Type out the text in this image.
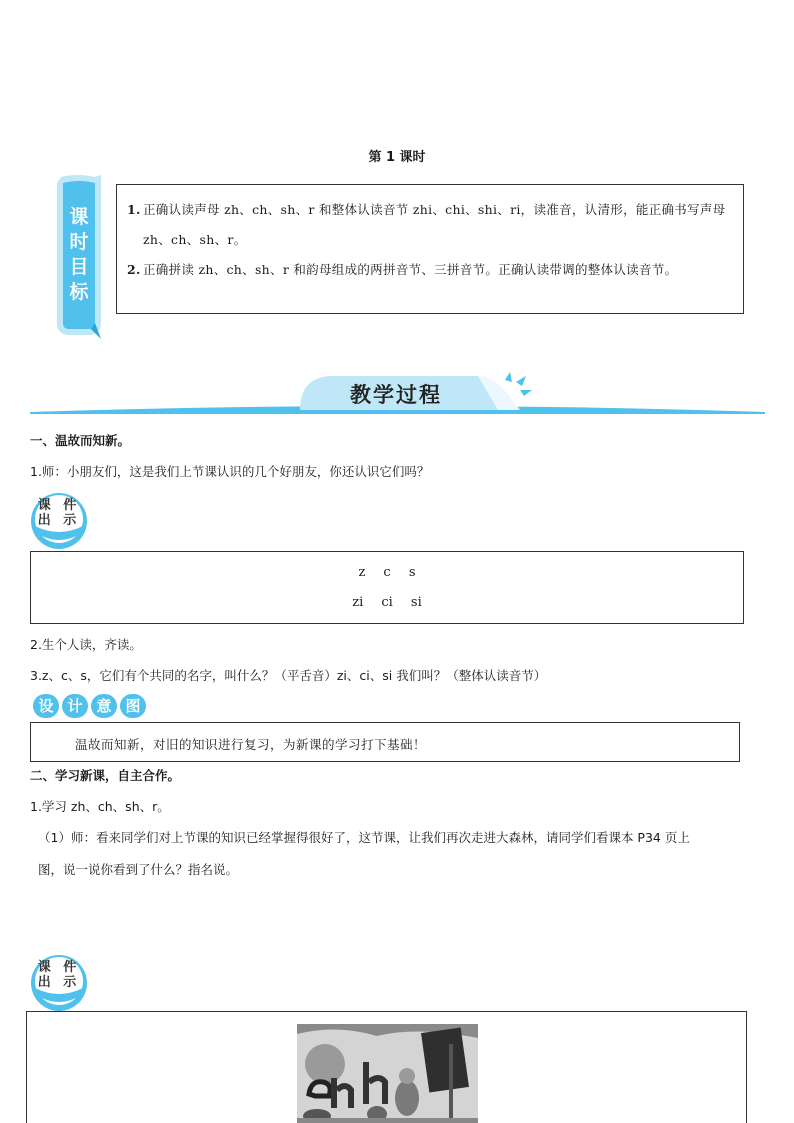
第 1 课时
课
时
目
标
1. 正确认读声母 zh、ch、sh、r 和整体认读音节 zhi、chi、shi、ri，读准音，认清形，能正确书写声母 zh、ch、sh、r。
2. 正确拼读 zh、ch、sh、r 和韵母组成的两拼音节、三拼音节。正确认读带调的整体认读音节。
教学过程
一、温故而知新。
1.师：小朋友们，这是我们上节课认识的几个好朋友，你还认识它们吗？
课 件
出 示
z c s
zi ci si
2.生个人读，齐读。
3.z、c、s，它们有个共同的名字，叫什么？（平舌音）zi、ci、si 我们叫？（整体认读音节）
设 计 意 图
温故而知新，对旧的知识进行复习，为新课的学习打下基础！
二、学习新课，自主合作。
1.学习 zh、ch、sh、r。
（1）师：看来同学们对上节课的知识已经掌握得很好了，这节课，让我们再次走进大森林，请同学们看课本 P34 页上
图，说一说你看到了什么？指名说。
课 件
出 示
